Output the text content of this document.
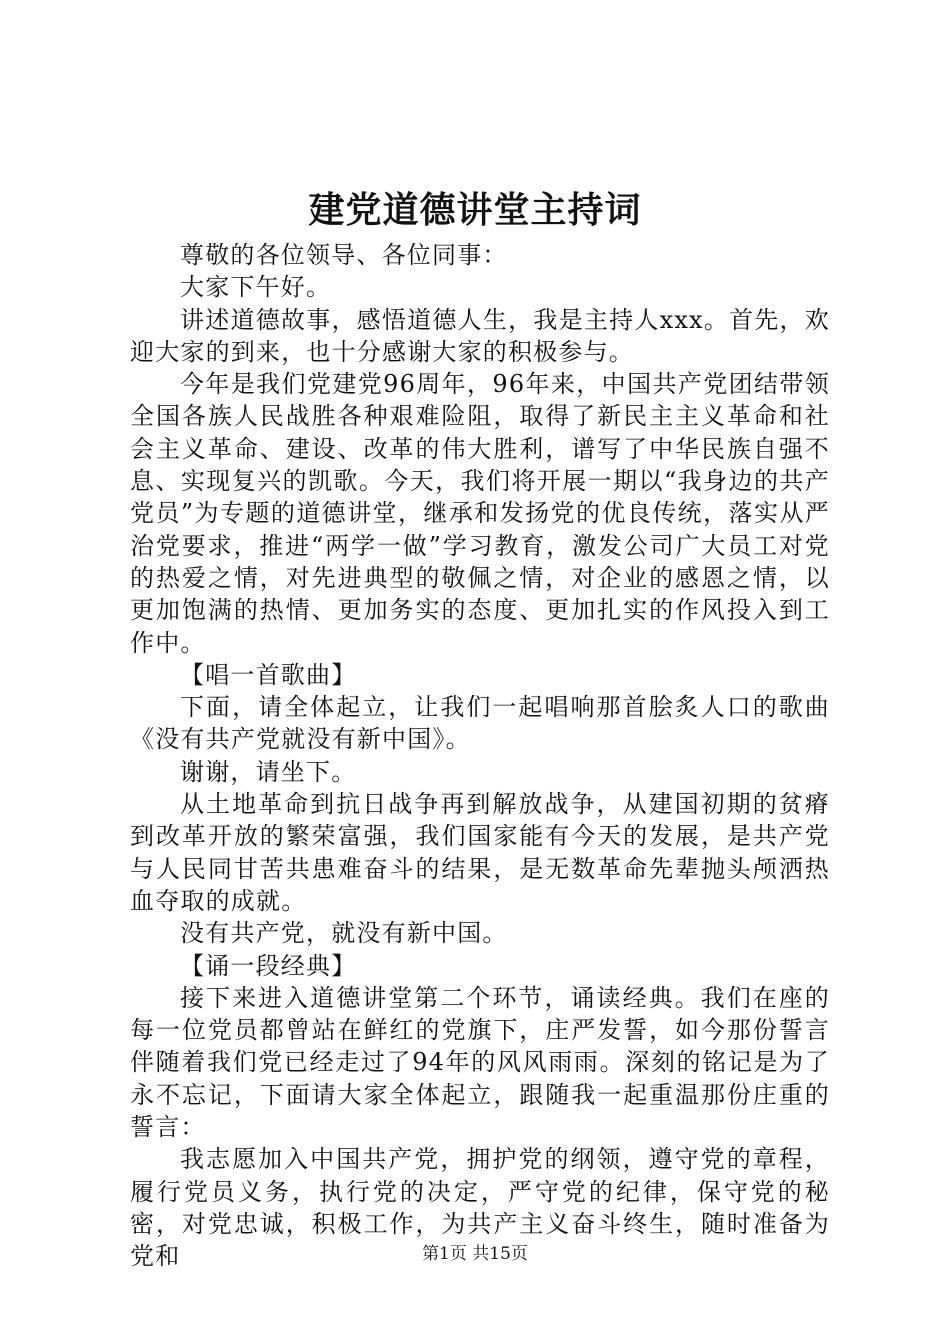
建党道德讲堂主持词

尊敬的各位领导、各位同事：

大家下午好。

讲述道德故事，感悟道德人生，我是主持人xxx。首先，欢迎大家的到来，也十分感谢大家的积极参与。

今年是我们党建党96周年，96年来，中国共产党团结带领全国各族人民战胜各种艰难险阻，取得了新民主主义革命和社会主义革命、建设、改革的伟大胜利，谱写了中华民族自强不息、实现复兴的凯歌。今天，我们将开展一期以“我身边的共产党员”为专题的道德讲堂，继承和发扬党的优良传统，落实从严治党要求，推进“两学一做”学习教育，激发公司广大员工对党的热爱之情，对先进典型的敬佩之情，对企业的感恩之情，以更加饱满的热情、更加务实的态度、更加扎实的作风投入到工作中。

【唱一首歌曲】

下面，请全体起立，让我们一起唱响那首脍炙人口的歌曲《没有共产党就没有新中国》。

谢谢，请坐下。

从土地革命到抗日战争再到解放战争，从建国初期的贫瘠到改革开放的繁荣富强，我们国家能有今天的发展，是共产党与人民同甘苦共患难奋斗的结果，是无数革命先辈抛头颅洒热血夺取的成就。

没有共产党，就没有新中国。

【诵一段经典】

接下来进入道德讲堂第二个环节，诵读经典。我们在座的每一位党员都曾站在鲜红的党旗下，庄严发誓，如今那份誓言伴随着我们党已经走过了94年的风风雨雨。深刻的铭记是为了永不忘记，下面请大家全体起立，跟随我一起重温那份庄重的誓言：

我志愿加入中国共产党，拥护党的纲领，遵守党的章程，履行党员义务，执行党的决定，严守党的纪律，保守党的秘密，对党忠诚，积极工作，为共产主义奋斗终生，随时准备为党和	第1页 共15页
